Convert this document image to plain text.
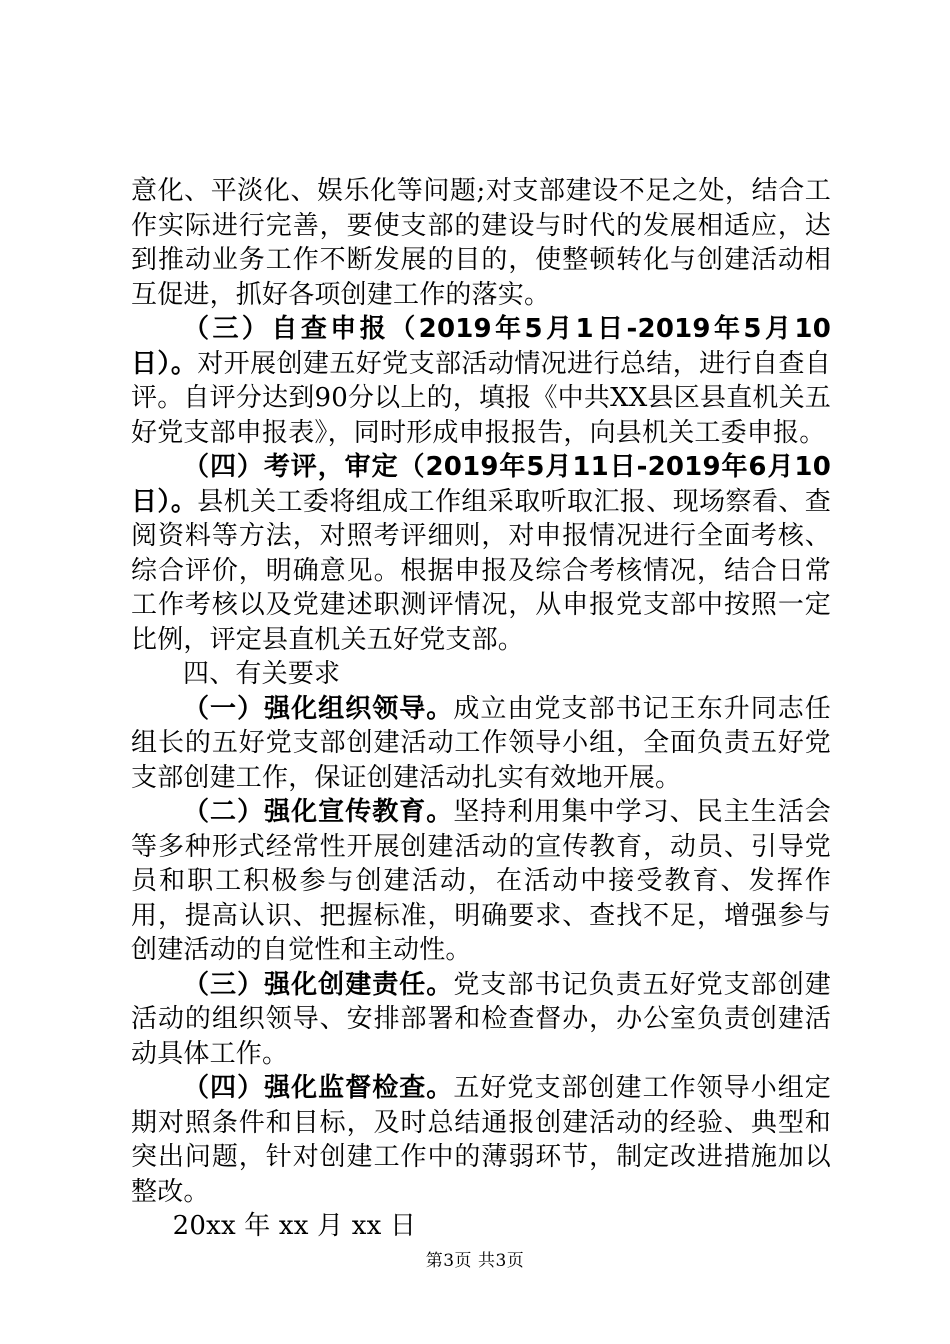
意化、平淡化、娱乐化等问题;对支部建设不足之处，结合工作实际进行完善，要使支部的建设与时代的发展相适应，达到推动业务工作不断发展的目的，使整顿转化与创建活动相互促进，抓好各项创建工作的落实。

（三）自查申报（2019年5月1日-2019年5月10日）。对开展创建五好党支部活动情况进行总结，进行自查自评。自评分达到90分以上的，填报《中共XX县区县直机关五好党支部申报表》，同时形成申报报告，向县机关工委申报。

（四）考评，审定（2019年5月11日-2019年6月10日）。县机关工委将组成工作组采取听取汇报、现场察看、查阅资料等方法，对照考评细则，对申报情况进行全面考核、综合评价，明确意见。根据申报及综合考核情况，结合日常工作考核以及党建述职测评情况，从申报党支部中按照一定比例，评定县直机关五好党支部。

四、有关要求

（一）强化组织领导。成立由党支部书记王东升同志任组长的五好党支部创建活动工作领导小组，全面负责五好党支部创建工作，保证创建活动扎实有效地开展。

（二）强化宣传教育。坚持利用集中学习、民主生活会等多种形式经常性开展创建活动的宣传教育，动员、引导党员和职工积极参与创建活动，在活动中接受教育、发挥作用，提高认识、把握标准，明确要求、查找不足，增强参与创建活动的自觉性和主动性。

（三）强化创建责任。党支部书记负责五好党支部创建活动的组织领导、安排部署和检查督办，办公室负责创建活动具体工作。

（四）强化监督检查。五好党支部创建工作领导小组定期对照条件和目标，及时总结通报创建活动的经验、典型和突出问题，针对创建工作中的薄弱环节，制定改进措施加以整改。

20xx 年 xx 月 xx 日

第3页 共3页
